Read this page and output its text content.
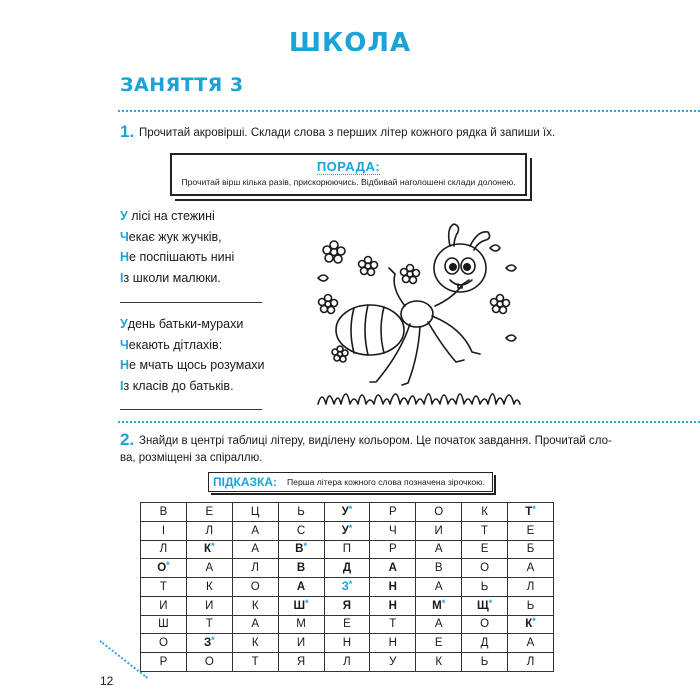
ШКОЛА
ЗАНЯТТЯ 3
1. Прочитай акровірші. Склади слова з перших літер кожного рядка й запиши їх.
ПОРАДА:
Прочитай вірш кілька разів, прискорюючись. Відбивай наголошені склади долонею.
У лісі на стежині
Чекає жук жучків,
Не поспішають нині
Із школи малюки.
Удень батьки-мурахи
Чекають дітлахів:
Не мчать щось розумахи
Із класів до батьків.
2. Знайди в центрі таблиці літеру, виділену кольором. Це початок завдання. Прочитай сло-
ва, розміщені за спіраллю.
ПІДКАЗКА: Перша літера кожного слова позначена зірочкою.
В	Е	Ц	Ь	У*	Р	О	К	Т*
І	Л	А	С	У*	Ч	И	Т	Е
Л	К*	А	В*	П	Р	А	Е	Б
О*	А	Л	В	Д	А	В	О	А
Т	К	О	А	З*	Н	А	Ь	Л
И	И	К	Ш*	Я	Н	М*	Щ*	Ь
Ш	Т	А	М	Е	Т	А	О	К*
О	З*	К	И	Н	Н	Е	Д	А
Р	О	Т	Я	Л	У	К	Ь	Л
12
